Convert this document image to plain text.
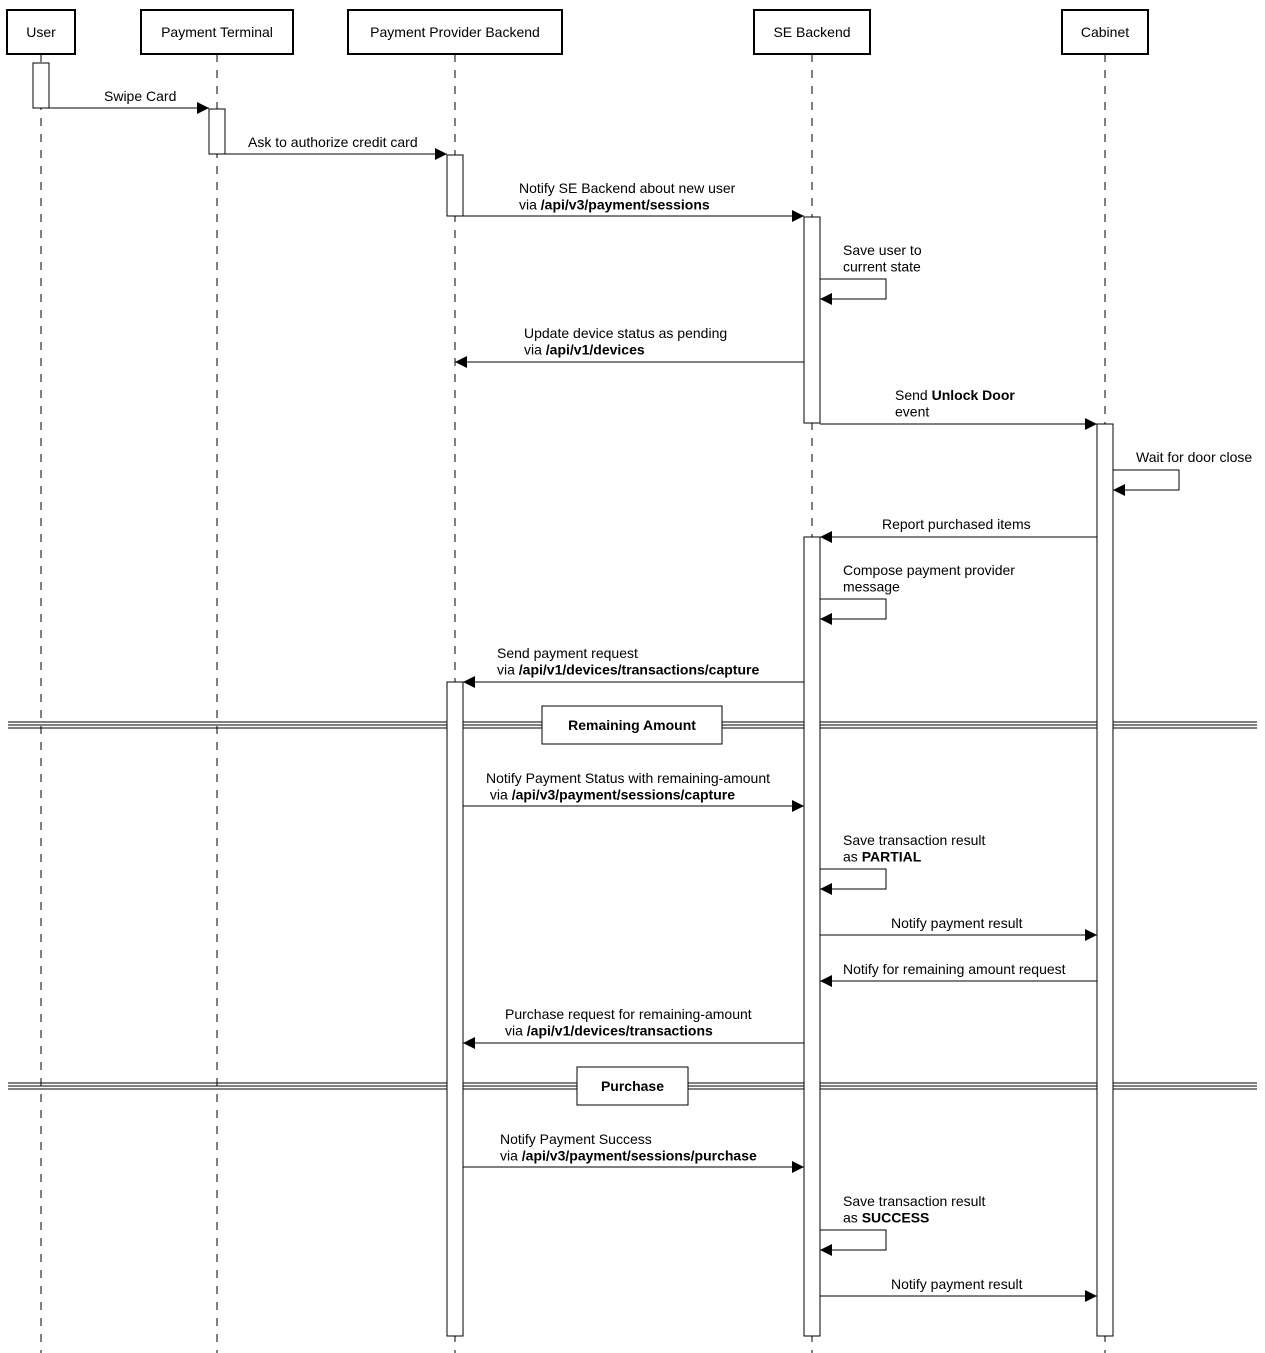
Remaining Amount
Purchase
Swipe Card
Ask to authorize credit card
Notify SE Backend about new user
via /api/v3/payment/sessions
Save user to
current state
Update device status as pending
via /api/v1/devices
Send Unlock Door
event
Wait for door close
Report purchased items
Compose payment provider
message
Send payment request
via /api/v1/devices/transactions/capture
Notify Payment Status with remaining-amount
via /api/v3/payment/sessions/capture
Save transaction result
as PARTIAL
Notify payment result
Notify for remaining amount request
Purchase request for remaining-amount
via /api/v1/devices/transactions
Notify Payment Success
via /api/v3/payment/sessions/purchase
Save transaction result
as SUCCESS
Notify payment result
User	Payment Terminal	Payment Provider Backend	SE Backend	Cabinet
